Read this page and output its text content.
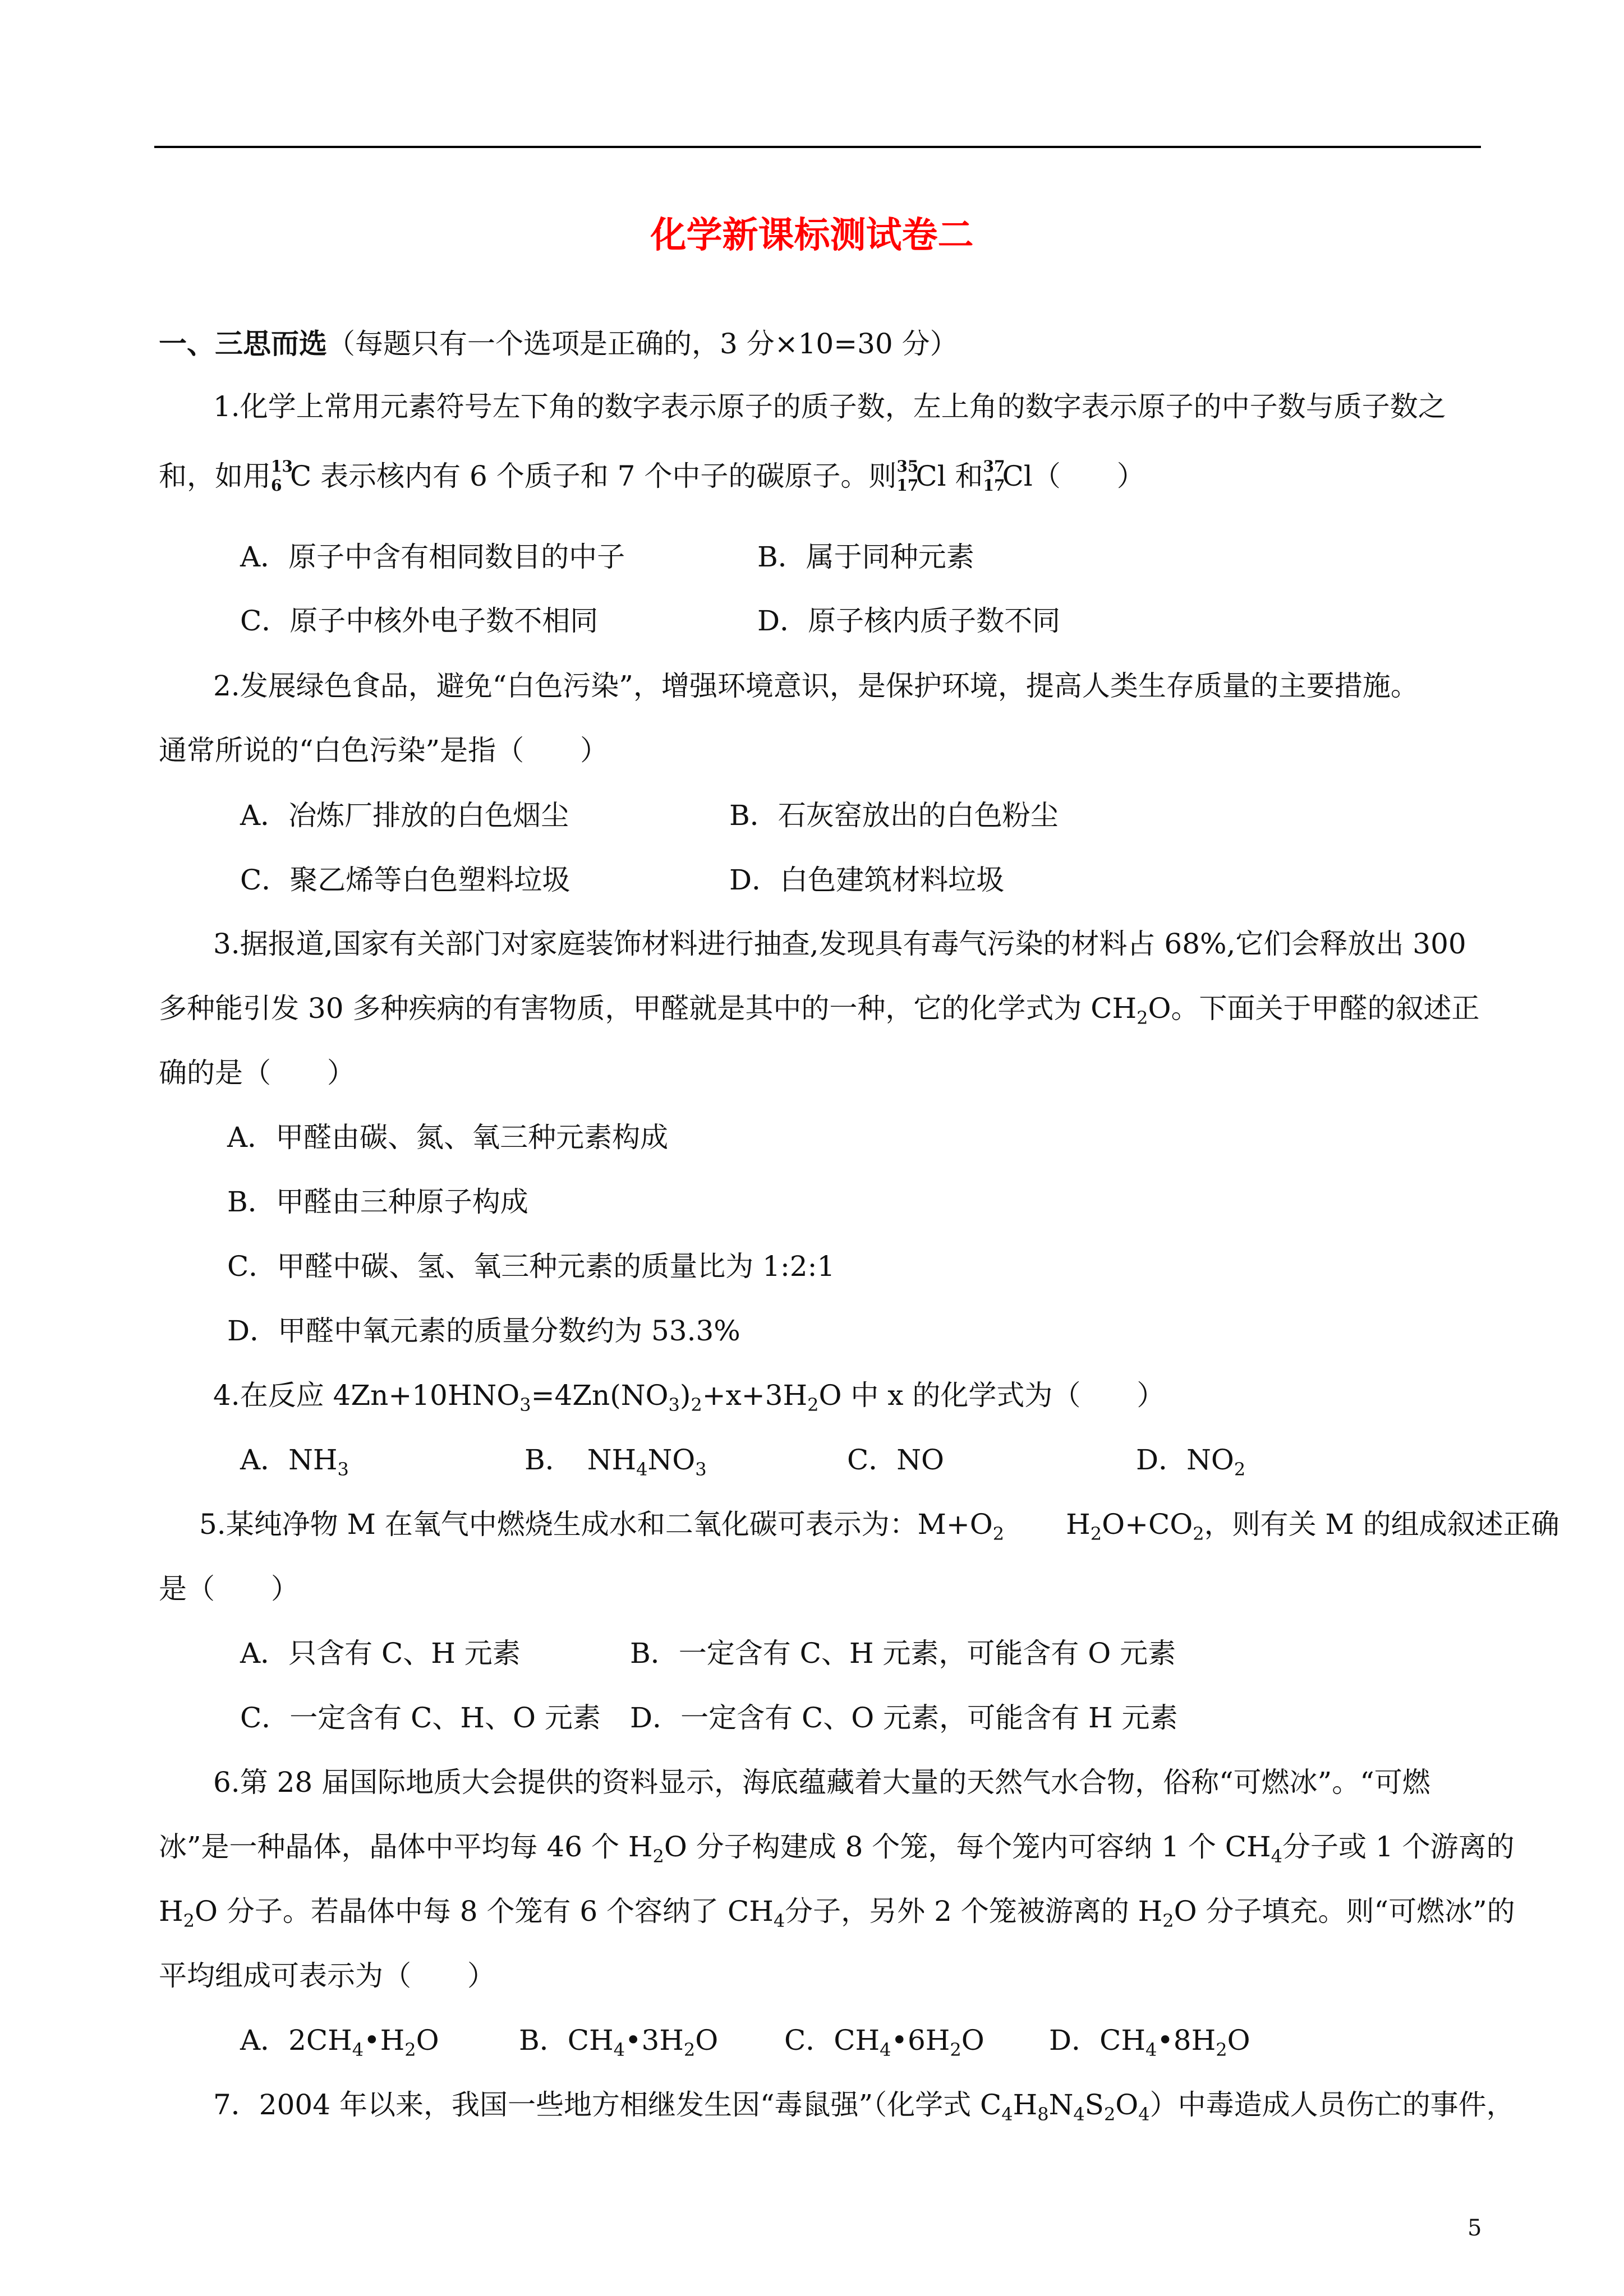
化学新课标测试卷二
一、三思而选（每题只有一个选项是正确的，3 分×10=30 分）
1.化学上常用元素符号左下角的数字表示原子的质子数，左上角的数字表示原子的中子数与质子数之
和，如用 13
6 C 表示核内有 6 个质子和 7 个中子的碳原子。则 35
17
Cl 和 37
17
Cl（　　）
A．原子中含有相同数目的中子	B．属于同种元素
C．原子中核外电子数不相同	D．原子核内质子数不同
2.发展绿色食品，避免“白色污染”，增强环境意识，是保护环境，提高人类生存质量的主要措施。
通常所说的“白色污染”是指（　　）
A．冶炼厂排放的白色烟尘	B．石灰窑放出的白色粉尘
C．聚乙烯等白色塑料垃圾	D．白色建筑材料垃圾
3.据报道,国家有关部门对家庭装饰材料进行抽查,发现具有毒气污染的材料占 68%,它们会释放出 300
多种能引发 30 多种疾病的有害物质，甲醛就是其中的一种，它的化学式为 $CH_2O$。下面关于甲醛的叙述正
确的是（　　）
A．甲醛由碳、氮、氧三种元素构成
B．甲醛由三种原子构成
C．甲醛中碳、氢、氧三种元素的质量比为 1:2:1
D．甲醛中氧元素的质量分数约为 53.3%
4.在反应 $4Zn+10HNO_3=4Zn(NO_3)_2+x+3H_2O$ 中 x 的化学式为（　　）
A．$NH_3$	B．　$NH_4NO_3$	C．NO	D．$NO_2$
5.某纯净物 M 在氧气中燃烧生成水和二氧化碳可表示为：$M+O_2$ $H_2O+CO_2$，则有关 M 的组成叙述正确
是（　　）
A．只含有 C、H 元素	B．一定含有 C、H 元素，可能含有 O 元素
C．一定含有 C、H、O 元素 D．一定含有 C、O 元素，可能含有 H 元素
6.第 28 届国际地质大会提供的资料显示，海底蕴藏着大量的天然气水合物，俗称“可燃冰”。“可燃
冰”是一种晶体，晶体中平均每 46 个 $H_2O$ 分子构建成 8 个笼，每个笼内可容纳 1 个 $CH_4$分子或 1 个游离的
$H_2O$ 分子。若晶体中每 8 个笼有 6 个容纳了 $CH_4$分子，另外 2 个笼被游离的 $H_2O$ 分子填充。则“可燃冰”的
平均组成可表示为（　　）
A．$2CH_4•H_2O$	B．$CH_4•3H_2O$ C．$CH_4•6H_2O$ D．$CH_4•8H_2O$
7．2004 年以来，我国一些地方相继发生因“毒鼠强”（化学式 $C_4H_8N_4S_2O_4$）中毒造成人员伤亡的事件，
5
